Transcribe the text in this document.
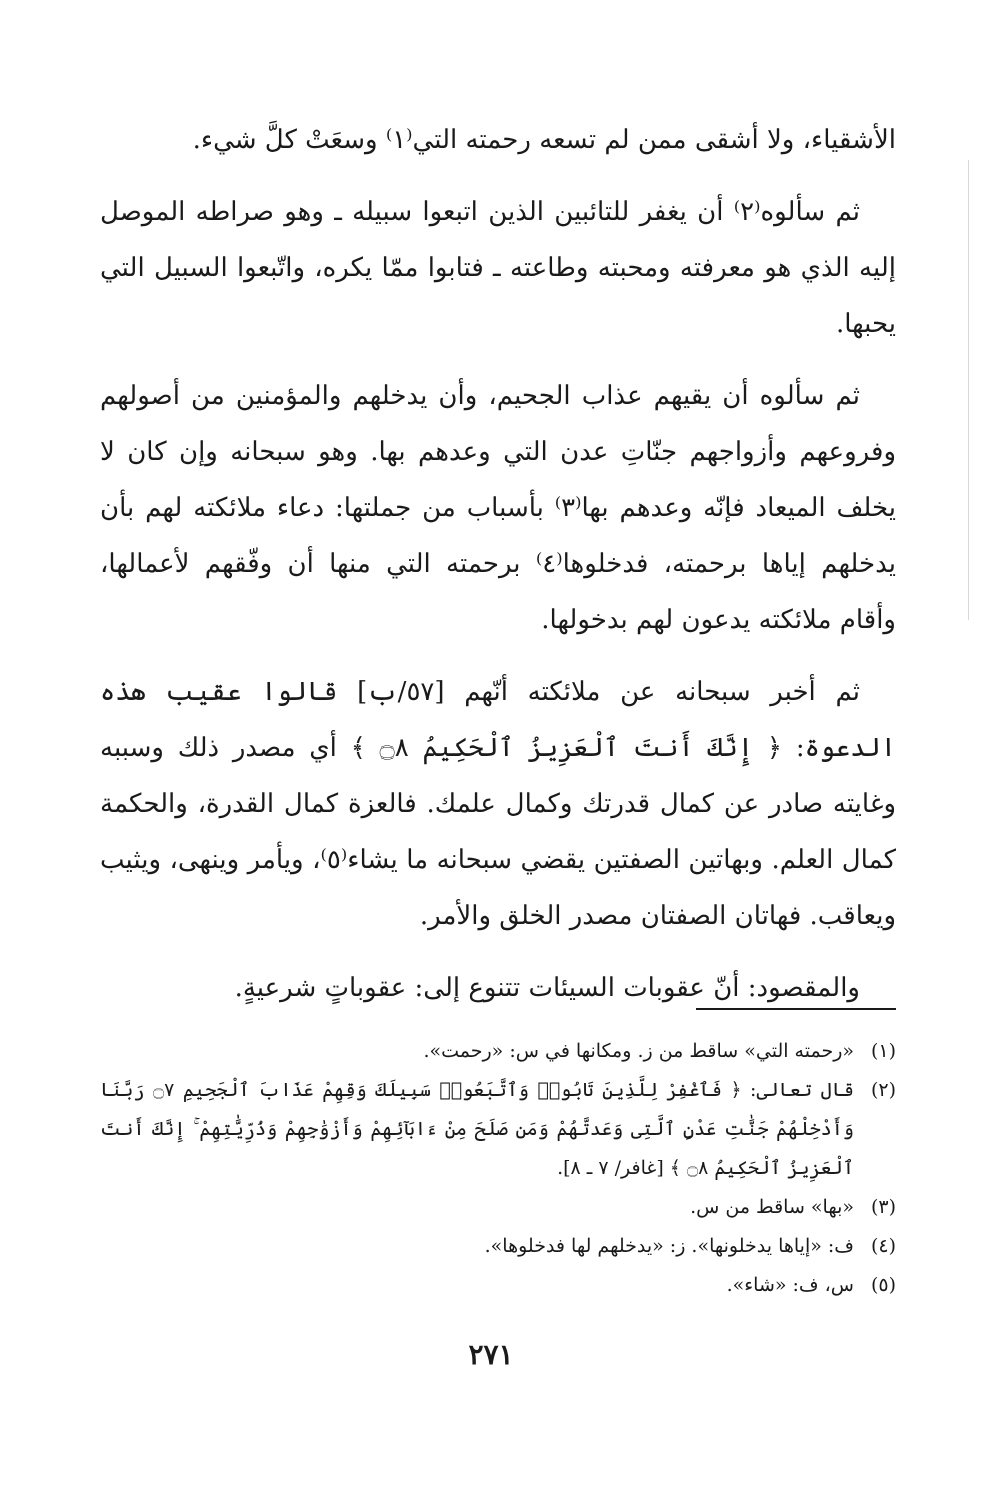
الأشقياء، ولا أشقى ممن لم تسعه رحمته التي⁽١⁾ وسعَتْ كلَّ شيء.

ثم سألوه⁽٢⁾ أن يغفر للتائبين الذين اتبعوا سبيله ـ وهو صراطه الموصل إليه الذي هو معرفته ومحبته وطاعته ـ فتابوا ممّا يكره، واتّبعوا السبيل التي يحبها.

ثم سألوه أن يقيهم عذاب الجحيم، وأن يدخلهم والمؤمنين من أصولهم وفروعهم وأزواجهم جنّاتِ عدن التي وعدهم بها. وهو سبحانه وإن كان لا يخلف الميعاد فإنّه وعدهم بها⁽٣⁾ بأسباب من جملتها: دعاء ملائكته لهم بأن يدخلهم إياها برحمته، فدخلوها⁽٤⁾ برحمته التي منها أن وفّقهم لأعمالها، وأقام ملائكته يدعون لهم بدخولها.

ثم أخبر سبحانه عن ملائكته أنّهم [٥٧/ب] قالوا عقيب هذه الدعوة: ﴿ إِنَّكَ أَنتَ ٱلْعَزِيزُ ٱلْحَكِيمُ ۝٨ ﴾ أي مصدر ذلك وسببه وغايته صادر عن كمال قدرتك وكمال علمك. فالعزة كمال القدرة، والحكمة كمال العلم. وبهاتين الصفتين يقضي سبحانه ما يشاء⁽٥⁾، ويأمر وينهى، ويثيب ويعاقب. فهاتان الصفتان مصدر الخلق والأمر.

والمقصود: أنّ عقوبات السيئات تتنوع إلى: عقوباتٍ شرعيةٍ.

(١)
«رحمته التي» ساقط من ز. ومكانها في س: «رحمت».
(٢)
قال تعالى: ﴿ فَٱغْفِرْ لِلَّذِينَ تَابُوا۟ وَٱتَّبَعُوا۟ سَبِيلَكَ وَقِهِمْ عَذَابَ ٱلْجَحِيمِ ۝٧ رَبَّنَا وَأَدْخِلْهُمْ جَنَّٰتِ عَدْنٍ ٱلَّتِى وَعَدتَّهُمْ وَمَن صَلَحَ مِنْ ءَابَآئِهِمْ وَأَزْوَٰجِهِمْ وَذُرِّيَّٰتِهِمْ ۚ إِنَّكَ أَنتَ ٱلْعَزِيزُ ٱلْحَكِيمُ ۝٨ ﴾ [غافر/ ٧ ـ ٨].
(٣)
«بها» ساقط من س.
(٤)
ف: «إياها يدخلونها». ز: «يدخلهم لها فدخلوها».
(٥)
س، ف: «شاء».
٢٧١
